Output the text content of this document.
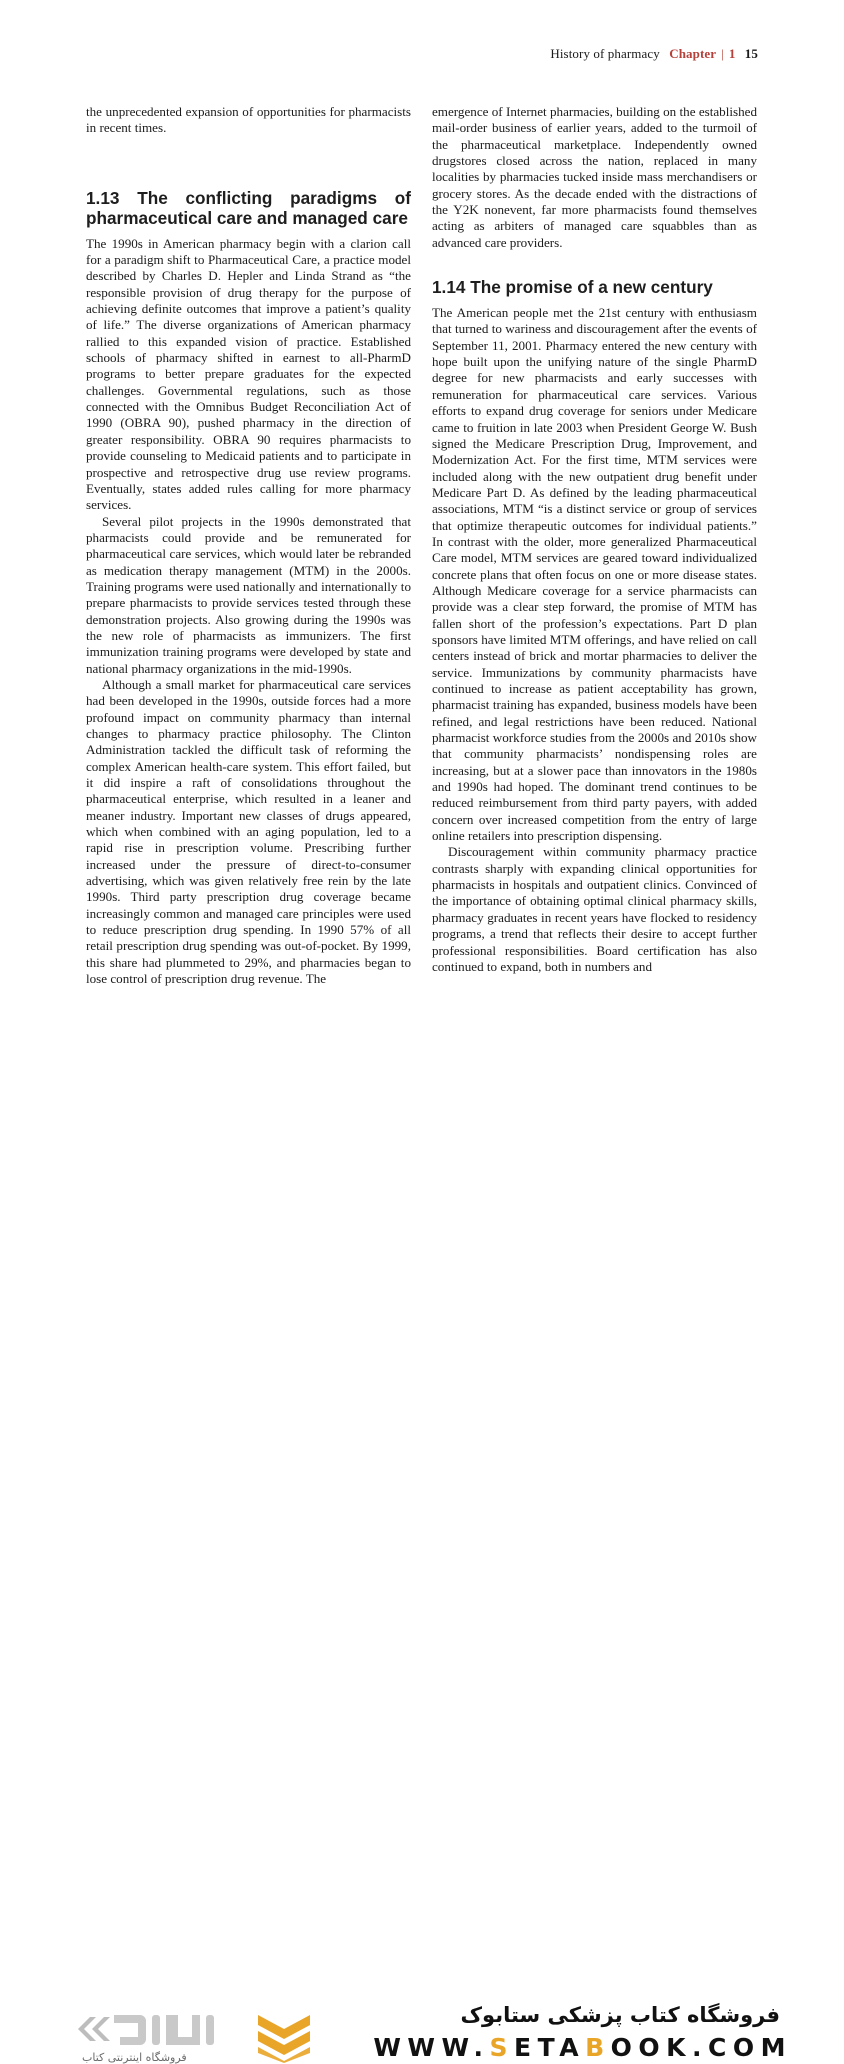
History of pharmacy Chapter | 1 15

the unprecedented expansion of opportunities for pharmacists in recent times.

1.13 The conflicting paradigms of pharmaceutical care and managed care

The 1990s in American pharmacy begin with a clarion call for a paradigm shift to Pharmaceutical Care, a practice model described by Charles D. Hepler and Linda Strand as “the responsible provision of drug therapy for the purpose of achieving definite outcomes that improve a patient’s quality of life.” The diverse organizations of American pharmacy rallied to this expanded vision of practice. Established schools of pharmacy shifted in earnest to all-PharmD programs to better prepare graduates for the expected challenges. Governmental regulations, such as those connected with the Omnibus Budget Reconciliation Act of 1990 (OBRA 90), pushed pharmacy in the direction of greater responsibility. OBRA 90 requires pharmacists to provide counseling to Medicaid patients and to participate in prospective and retrospective drug use review programs. Eventually, states added rules calling for more pharmacy services.

Several pilot projects in the 1990s demonstrated that pharmacists could provide and be remunerated for pharmaceutical care services, which would later be rebranded as medication therapy management (MTM) in the 2000s. Training programs were used nationally and internationally to prepare pharmacists to provide services tested through these demonstration projects. Also growing during the 1990s was the new role of pharmacists as immunizers. The first immunization training programs were developed by state and national pharmacy organizations in the mid-1990s.

Although a small market for pharmaceutical care services had been developed in the 1990s, outside forces had a more profound impact on community pharmacy than internal changes to pharmacy practice philosophy. The Clinton Administration tackled the difficult task of reforming the complex American health-care system. This effort failed, but it did inspire a raft of consolidations throughout the pharmaceutical enterprise, which resulted in a leaner and meaner industry. Important new classes of drugs appeared, which when combined with an aging population, led to a rapid rise in prescription volume. Prescribing further increased under the pressure of direct-to-consumer advertising, which was given relatively free rein by the late 1990s. Third party prescription drug coverage became increasingly common and managed care principles were used to reduce prescription drug spending. In 1990 57% of all retail prescription drug spending was out-of-pocket. By 1999, this share had plummeted to 29%, and pharmacies began to lose control of prescription drug revenue. The

emergence of Internet pharmacies, building on the established mail-order business of earlier years, added to the turmoil of the pharmaceutical marketplace. Independently owned drugstores closed across the nation, replaced in many localities by pharmacies tucked inside mass merchandisers or grocery stores. As the decade ended with the distractions of the Y2K nonevent, far more pharmacists found themselves acting as arbiters of managed care squabbles than as advanced care providers.

1.14 The promise of a new century

The American people met the 21st century with enthusiasm that turned to wariness and discouragement after the events of September 11, 2001. Pharmacy entered the new century with hope built upon the unifying nature of the single PharmD degree for new pharmacists and early successes with remuneration for pharmaceutical care services. Various efforts to expand drug coverage for seniors under Medicare came to fruition in late 2003 when President George W. Bush signed the Medicare Prescription Drug, Improvement, and Modernization Act. For the first time, MTM services were included along with the new outpatient drug benefit under Medicare Part D. As defined by the leading pharmaceutical associations, MTM “is a distinct service or group of services that optimize therapeutic outcomes for individual patients.” In contrast with the older, more generalized Pharmaceutical Care model, MTM services are geared toward individualized concrete plans that often focus on one or more disease states. Although Medicare coverage for a service pharmacists can provide was a clear step forward, the promise of MTM has fallen short of the profession’s expectations. Part D plan sponsors have limited MTM offerings, and have relied on call centers instead of brick and mortar pharmacies to deliver the service. Immunizations by community pharmacists have continued to increase as patient acceptability has grown, pharmacist training has expanded, business models have been refined, and legal restrictions have been reduced. National pharmacist workforce studies from the 2000s and 2010s show that community pharmacists’ nondispensing roles are increasing, but at a slower pace than innovators in the 1980s and 1990s had hoped. The dominant trend continues to be reduced reimbursement from third party payers, with added concern over increased competition from the entry of large online retailers into prescription dispensing.

Discouragement within community pharmacy practice contrasts sharply with expanding clinical opportunities for pharmacists in hospitals and outpatient clinics. Convinced of the importance of obtaining optimal clinical pharmacy skills, pharmacy graduates in recent years have flocked to residency programs, a trend that reflects their desire to accept further professional responsibilities. Board certification has also continued to expand, both in numbers and

فروشگاه اینترنتی کتاب
فروشگاه کتاب پزشکی ستابوک
WWW.SETABOOK.COM
